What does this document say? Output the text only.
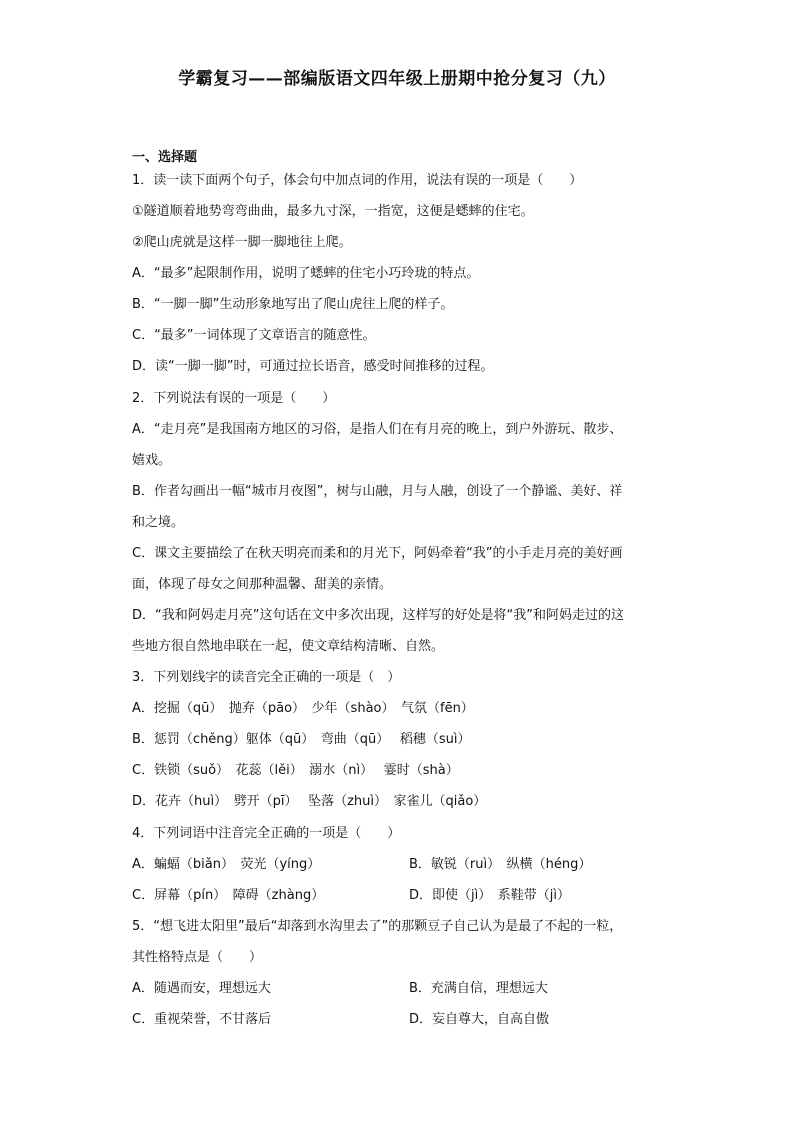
学霸复习——部编版语文四年级上册期中抢分复习（九）
一、选择题
1．读一读下面两个句子，体会句中加点词的作用，说法有误的一项是（　　）
①隧道顺着地势弯弯曲曲，最多九寸深，一指宽，这便是蟋蟀的住宅。
②爬山虎就是这样一脚一脚地往上爬。
A．“最多”起限制作用，说明了蟋蟀的住宅小巧玲珑的特点。
B．“一脚一脚”生动形象地写出了爬山虎往上爬的样子。
C．“最多”一词体现了文章语言的随意性。
D．读“一脚一脚”时，可通过拉长语音，感受时间推移的过程。
2．下列说法有误的一项是（　　）
A．“走月亮”是我国南方地区的习俗，是指人们在有月亮的晚上，到户外游玩、散步、
嬉戏。
B．作者勾画出一幅“城市月夜图”，树与山融，月与人融，创设了一个静谧、美好、祥
和之境。
C．课文主要描绘了在秋天明亮而柔和的月光下，阿妈牵着“我”的小手走月亮的美好画
面，体现了母女之间那种温馨、甜美的亲情。
D．“我和阿妈走月亮”这句话在文中多次出现，这样写的好处是将“我”和阿妈走过的这
些地方很自然地串联在一起，使文章结构清晰、自然。
3．下列划线字的读音完全正确的一项是（　）
A．挖掘（qū）　抛弃（pāo）　少年（shào）　气氛（fēn）
B．惩罚（chěng）躯体（qū）　弯曲（qū）　 稻穗（suì）
C．铁锁（suǒ）　花蕊（lěi）　溺水（nì）　 霎时（shà）
D．花卉（huì）　劈开（pī）　 坠落（zhuì）　家雀儿（qiǎo）
4．下列词语中注音完全正确的一项是（　　）
A．蝙蝠（biǎn）　荧光（yíng）	B．敏锐（ruì）　纵横（héng）
C．屏幕（pín）　障碍（zhàng）	D．即使（jì）　系鞋带（jì）
5．“想飞进太阳里”最后“却落到水沟里去了”的那颗豆子自己认为是最了不起的一粒，
其性格特点是（　　）
A．随遇而安，理想远大	B．充满自信，理想远大
C．重视荣誉，不甘落后	D．妄自尊大，自高自傲
